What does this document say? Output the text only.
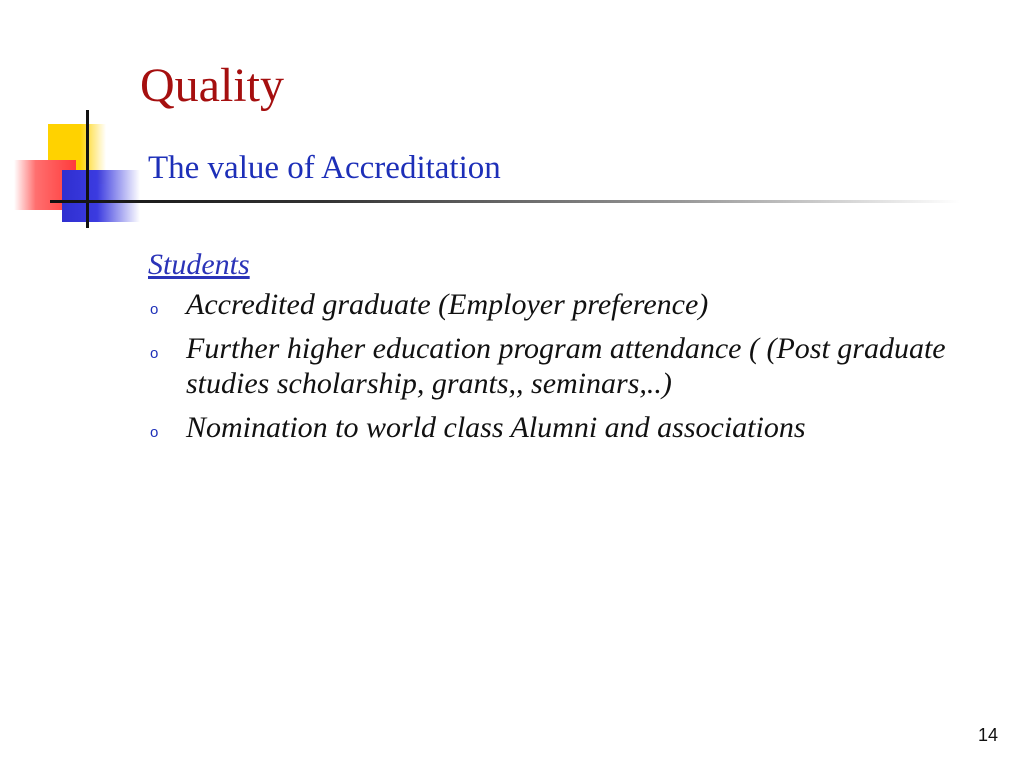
Quality
The value of Accreditation
Students
o Accredited graduate (Employer preference)
o Further higher education program attendance ( (Post graduate studies scholarship, grants,, seminars,..)
o Nomination to world class Alumni and associations
14
